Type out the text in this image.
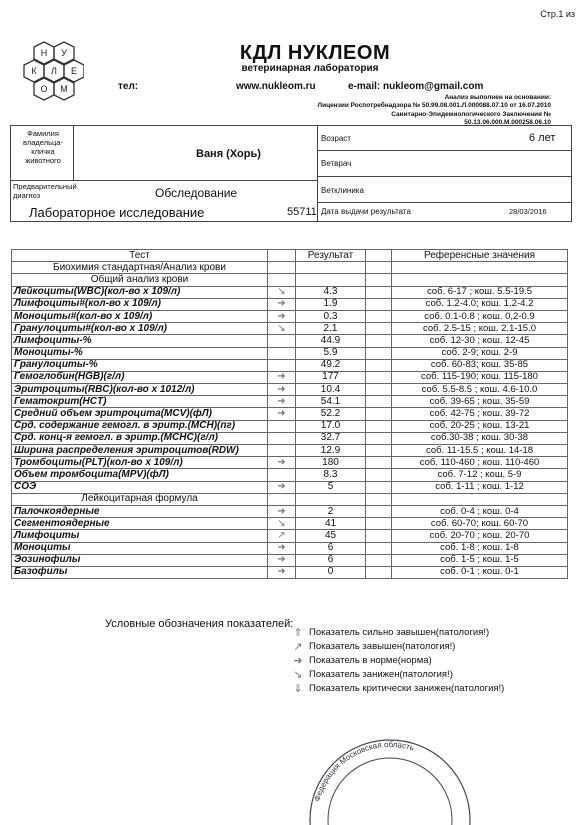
Стр.1 из
Н У
К Л Е
О М
КДЛ НУКЛЕОМ
ветеринарная лаборатория
тел:	www.nukleom.ru	e-mail: nukleom@gmail.com
Анализ выполнен на основании:
Лицензии Роспотребнадзора № 50.99.08.001.Л.000088.07.10 от 16.07.2010
Санитарно-Эпидемиологического Заключения № 50.13.06.000.М.000258.06.10
Фамилия владельца-кличка животного
Ваня (Хорь)
Предварительный диагноз	Обследование
Лабораторное исследование	55711
Возраст	6 лет
Ветврач
Ветклиника
Дата выдачи результата	28/03/2016
Тест		Результат		Референсные значения
Биохимия стандартная/Анализ крови				
Общий анализ крови				
Лейкоциты(WBC)(кол-во х 109/л)	↘	4.3		соб. 6-17 ; кош. 5.5-19.5
Лимфоциты#(кол-во х 109/л)	➜	1.9		соб. 1.2-4.0; кош. 1.2-4.2
Моноциты#(кол-во х 109/л)	➜	0.3		соб. 0.1-0.8 ; кош. 0,2-0.9
Гранулоциты#(кол-во х 109/л)	↘	2.1		соб. 2.5-15 ; кош. 2.1-15.0
Лимфоциты-%		44.9		соб. 12-30 ; кош. 12-45
Моноциты-%		5.9		соб. 2-9; кош. 2-9
Гранулоциты-%		49.2		соб. 60-83; кош. 35-85
Гемоглобин(HGB)(г/л)	➜	177		соб. 115-190; кош. 115-180
Эритроциты(RBC)(кол-во х 1012/л)	➜	10.4		соб. 5.5-8.5 ; кош. 4.6-10.0
Гематокрит(HCT)	➜	54.1		соб. 39-65 ; кош. 35-59
Средний объем эритроцита(MCV)(фЛ)	➜	52.2		соб. 42-75 ; кош. 39-72
Срд. содержание гемогл. в эритр.(MCH)(пг)		17.0		соб. 20-25 ; кош. 13-21
Срд. конц-я гемогл. в эритр.(MCHC)(г/л)		32.7		соб.30-38 ; кош. 30-38
Ширина распределения эритроцитов(RDW)		12.9		соб. 11-15.5 ; кош. 14-18
Тромбоциты(PLT)(кол-во х 109/л)	➜	180		соб. 110-460 ; кош. 110-460
Объем тромбоцита(MPV)(фЛ)		8.3		соб. 7-12 ; кош. 5-9
СОЭ	➜	5		соб. 1-11 ; кош. 1-12
Лейкоцитарная формула				
Палочкоядерные	➜	2		соб. 0-4 ; кош. 0-4
Сегментоядерные	↘	41		соб. 60-70; кош. 60-70
Лимфоциты	↗	45		соб. 20-70 ; кош. 20-70
Моноциты	➜	6		соб. 1-8 ; кош. 1-8
Эозинофилы	➜	6		соб. 1-5 ; кош. 1-5
Базофилы	➜	0		соб. 0-1 ; кош. 0-1
Условные обозначения показателей:
⇑ Показатель сильно завышен(патология!)
↗ Показатель завышен(патология!)
➜ Показатель в норме(норма)
↘ Показатель занижен(патология!)
⇓ Показатель критически занижен(патология!)
Федерация Московская область
